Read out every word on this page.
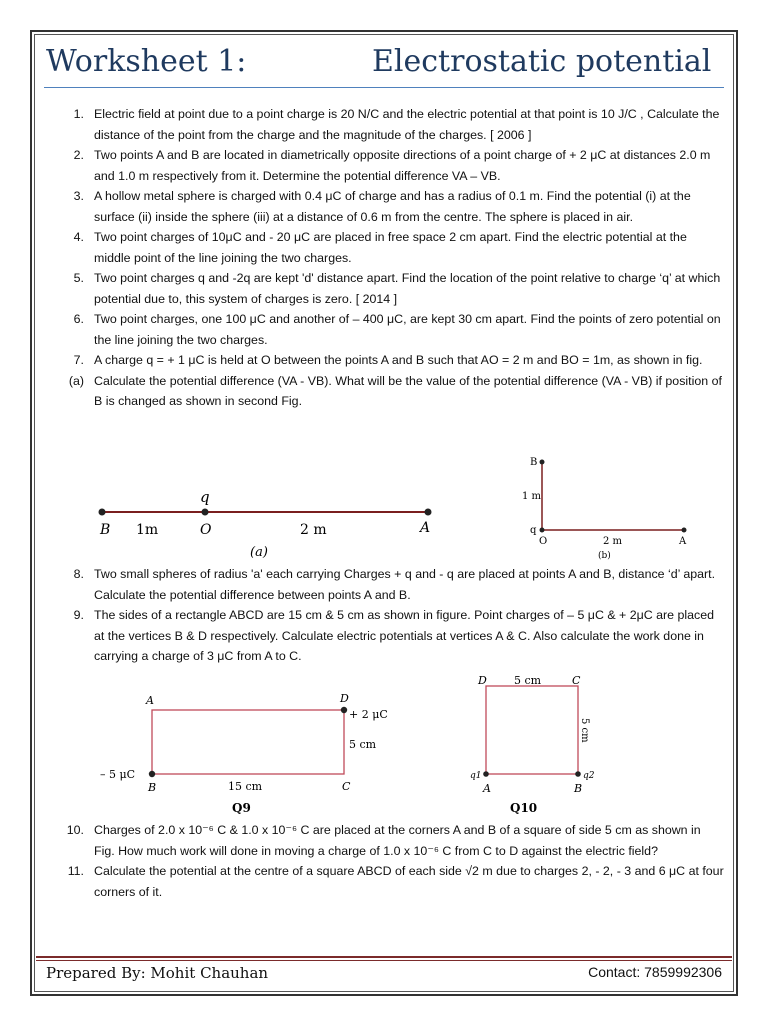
Worksheet 1:	Electrostatic potential
1. Electric field at point due to a point charge is 20 N/C and the electric potential at that point is 10 J/C , Calculate the distance of the point from the charge and the magnitude of the charges. [ 2006 ]
2. Two points A and B are located in diametrically opposite directions of a point charge of + 2 μC at distances 2.0 m and 1.0 m respectively from it. Determine the potential difference VA – VB.
3. A hollow metal sphere is charged with 0.4 μC of charge and has a radius of 0.1 m. Find the potential (i) at the surface (ii) inside the sphere (iii) at a distance of 0.6 m from the centre. The sphere is placed in air.
4. Two point charges of 10μC and - 20 μC are placed in free space 2 cm apart. Find the electric potential at the middle point of the line joining the two charges.
5. Two point charges q and -2q are kept 'd' distance apart. Find the location of the point relative to charge ‘q’ at which potential due to, this system of charges is zero. [ 2014 ]
6. Two point charges, one 100 μC and another of – 400 μC, are kept 30 cm apart. Find the points of zero potential on the line joining the two charges.
7. A charge q = + 1 μC is held at O between the points A and B such that AO = 2 m and BO = 1m, as shown in fig.
(a) Calculate the potential difference (VA - VB). What will be the value of the potential difference (VA - VB) if position of B is changed as shown in second Fig.
q
B 1m	O	2 m	A
(a)
B
1 m
q
O	2 m	A
(b)
8. Two small spheres of radius 'a' each carrying Charges + q and - q are placed at points A and B, distance ‘d’ apart. Calculate the potential difference between points A and B.
9. The sides of a rectangle ABCD are 15 cm & 5 cm as shown in figure. Point charges of – 5 μC & + 2μC are placed at the vertices B & D respectively. Calculate electric potentials at vertices A & C. Also calculate the work done in carrying a charge of 3 μC from A to C.
A	D
+ 2 μC
5 cm
– 5 μC
B	15 cm	C
Q9
D 5 cm	C
5 cm
q1	q2
A	B
Q10
10. Charges of 2.0 x 10⁻⁶ C & 1.0 x 10⁻⁶ C are placed at the corners A and B of a square of side 5 cm as shown in Fig. How much work will done in moving a charge of 1.0 x 10⁻⁶ C from C to D against the electric field?
11. Calculate the potential at the centre of a square ABCD of each side √2 m due to charges 2, - 2, - 3 and 6 μC at four corners of it.
Prepared By: Mohit Chauhan	Contact: 7859992306
